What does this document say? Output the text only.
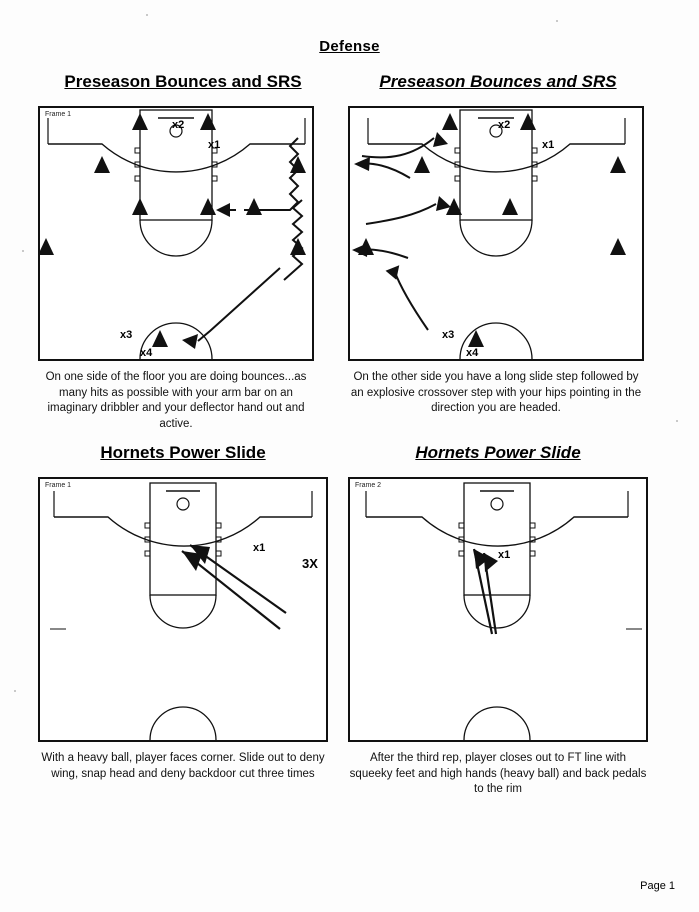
Defense
Preseason Bounces and SRS
Frame 1
x2
x1
x3
x4
On one side of the floor you are doing bounces...as many hits as possible with your arm bar on an imaginary dribbler and your deflector hand out and active.
Preseason Bounces and SRS
x2
x1
x3
x4
On the other side you have a long slide step followed by an explosive crossover step with your hips pointing in the direction you are headed.
Hornets Power Slide
Frame 1
x1
3X
With a heavy ball, player faces corner. Slide out to deny wing, snap head and deny backdoor cut three times
Hornets Power Slide
Frame 2
x1
After the third rep, player closes out to FT line with squeeky feet and high hands (heavy ball) and back pedals to the rim
Page 1
